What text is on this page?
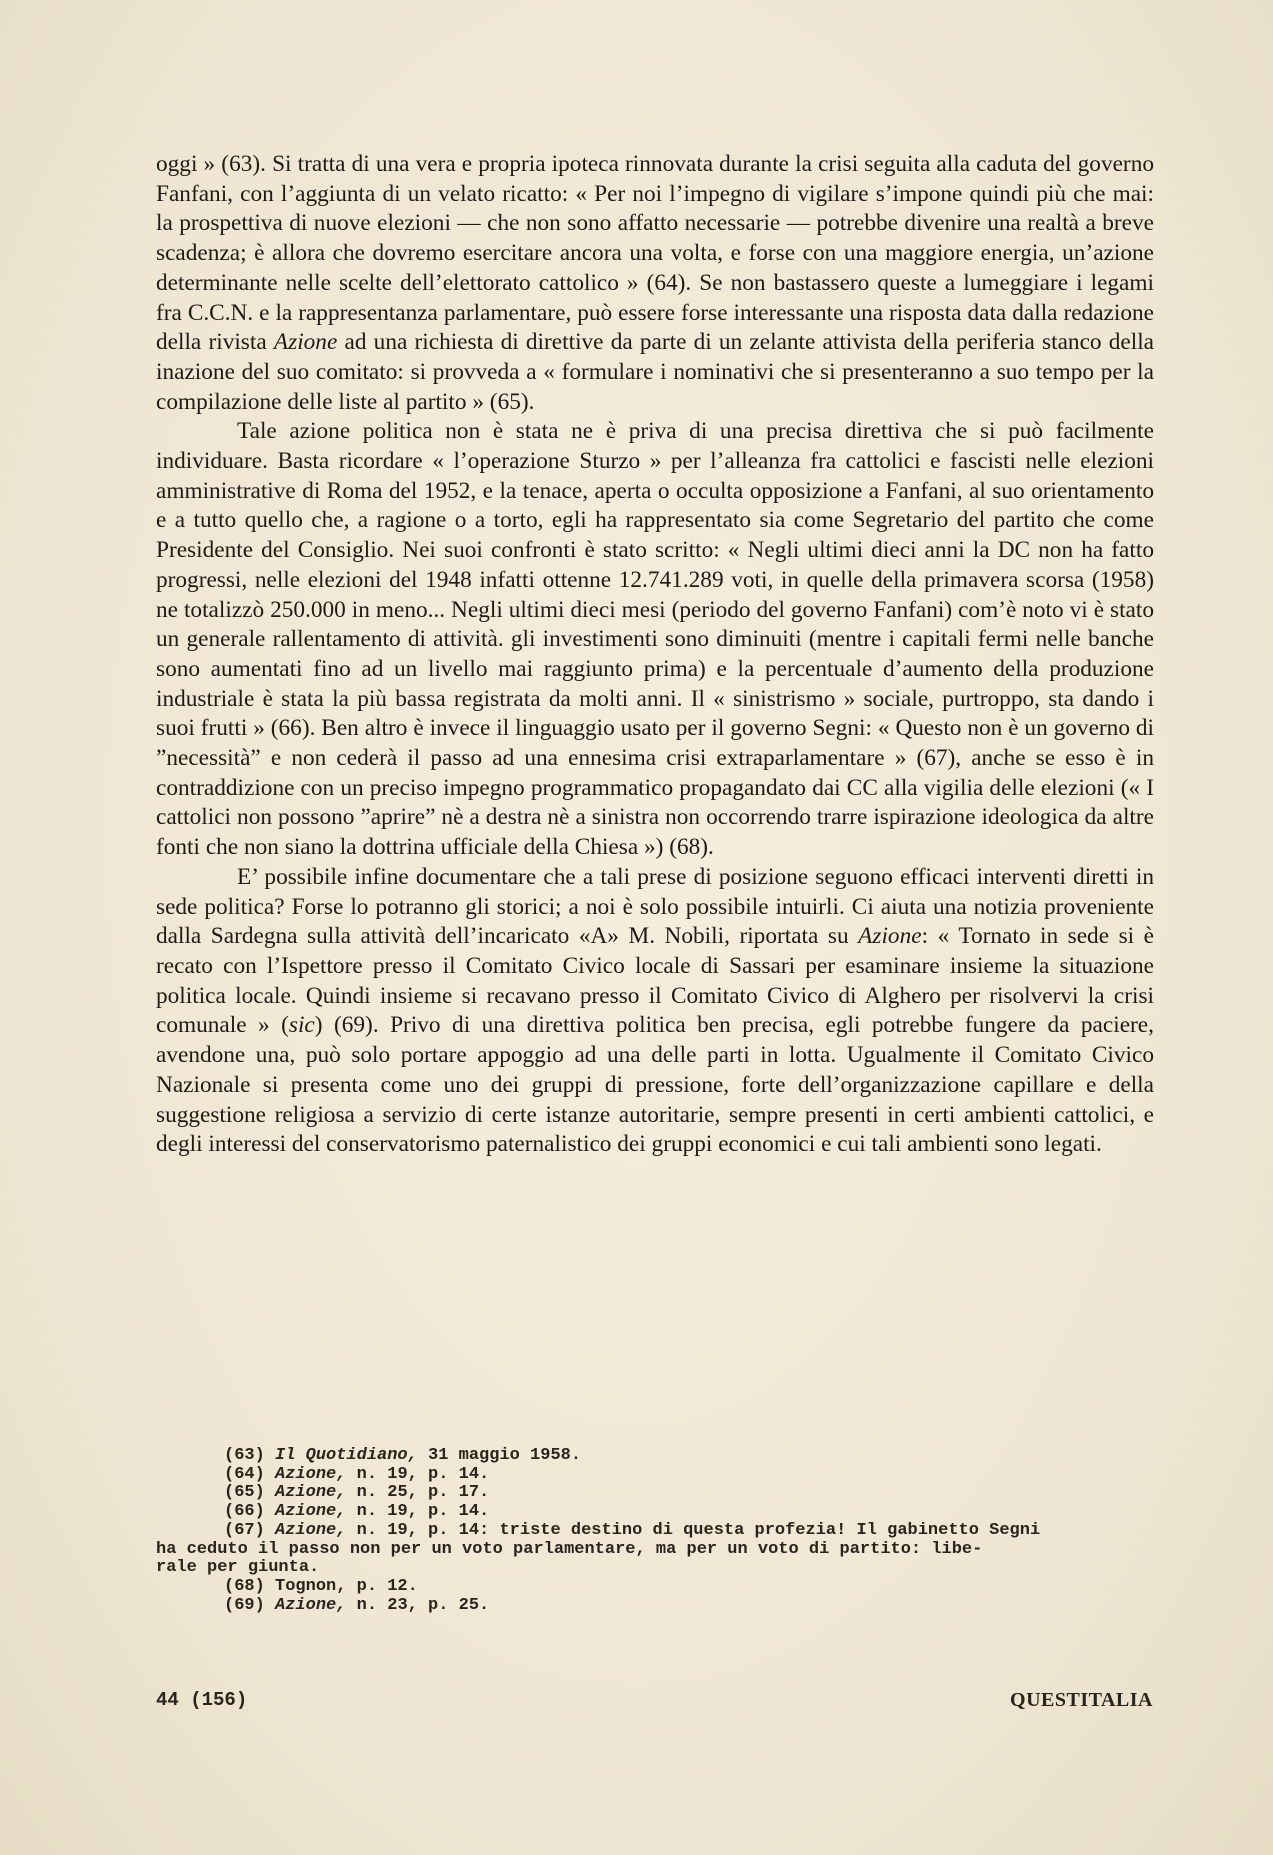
oggi » (63). Si tratta di una vera e propria ipoteca rinnovata durante la crisi seguita alla caduta del governo Fanfani, con l’aggiunta di un velato ricatto: « Per noi l’impegno di vigilare s’impone quindi più che mai: la prospettiva di nuove elezioni — che non sono affatto necessarie — potrebbe divenire una realtà a breve scadenza; è allora che dovremo esercitare ancora una volta, e forse con una maggiore energia, un’azione determinante nelle scelte dell’elettorato cattolico » (64). Se non bastassero queste a lumeggiare i legami fra C.C.N. e la rappresentanza parlamentare, può essere forse interessante una risposta data dalla redazione della rivista Azione ad una richiesta di direttive da parte di un zelante attivista della periferia stanco della inazione del suo comitato: si provveda a « formulare i nominativi che si presenteranno a suo tempo per la compilazione delle liste al partito » (65).

Tale azione politica non è stata ne è priva di una precisa direttiva che si può facilmente individuare. Basta ricordare « l’operazione Sturzo » per l’alleanza fra cattolici e fascisti nelle elezioni amministrative di Roma del 1952, e la tenace, aperta o occulta opposizione a Fanfani, al suo orientamento e a tutto quello che, a ragione o a torto, egli ha rappresentato sia come Segretario del partito che come Presidente del Consiglio. Nei suoi confronti è stato scritto: « Negli ultimi dieci anni la DC non ha fatto progressi, nelle elezioni del 1948 infatti ottenne 12.741.289 voti, in quelle della primavera scorsa (1958) ne totalizzò 250.000 in meno... Negli ultimi dieci mesi (periodo del governo Fanfani) com’è noto vi è stato un generale rallentamento di attività. gli investimenti sono diminuiti (mentre i capitali fermi nelle banche sono aumentati fino ad un livello mai raggiunto prima) e la percentuale d’aumento della produzione industriale è stata la più bassa registrata da molti anni. Il « sinistrismo » sociale, purtroppo, sta dando i suoi frutti » (66). Ben altro è invece il linguaggio usato per il governo Segni: « Questo non è un governo di ”necessità” e non cederà il passo ad una ennesima crisi extraparlamentare » (67), anche se esso è in contraddizione con un preciso impegno programmatico propagandato dai CC alla vigilia delle elezioni (« I cattolici non possono ”aprire” nè a destra nè a sinistra non occorrendo trarre ispirazione ideologica da altre fonti che non siano la dottrina ufficiale della Chiesa ») (68).

E’ possibile infine documentare che a tali prese di posizione seguono efficaci interventi diretti in sede politica? Forse lo potranno gli storici; a noi è solo possibile intuirli. Ci aiuta una notizia proveniente dalla Sardegna sulla attività dell’incaricato «A» M. Nobili, riportata su Azione: « Tornato in sede si è recato con l’Ispettore presso il Comitato Civico locale di Sassari per esaminare insieme la situazione politica locale. Quindi insieme si recavano presso il Comitato Civico di Alghero per risolvervi la crisi comunale » (sic) (69). Privo di una direttiva politica ben precisa, egli potrebbe fungere da paciere, avendone una, può solo portare appoggio ad una delle parti in lotta. Ugualmente il Comitato Civico Nazionale si presenta come uno dei gruppi di pressione, forte dell’organizzazione capillare e della suggestione religiosa a servizio di certe istanze autoritarie, sempre presenti in certi ambienti cattolici, e degli interessi del conservatorismo paternalistico dei gruppi economici e cui tali ambienti sono legati.

(63) Il Quotidiano, 31 maggio 1958.
(64) Azione, n. 19, p. 14.
(65) Azione, n. 25, p. 17.
(66) Azione, n. 19, p. 14.
(67) Azione, n. 19, p. 14: triste destino di questa profezia! Il gabinetto Segni
ha ceduto il passo non per un voto parlamentare, ma per un voto di partito: libe-
rale per giunta.
(68) Tognon, p. 12.
(69) Azione, n. 23, p. 25.
44 (156)	QUESTITALIA
